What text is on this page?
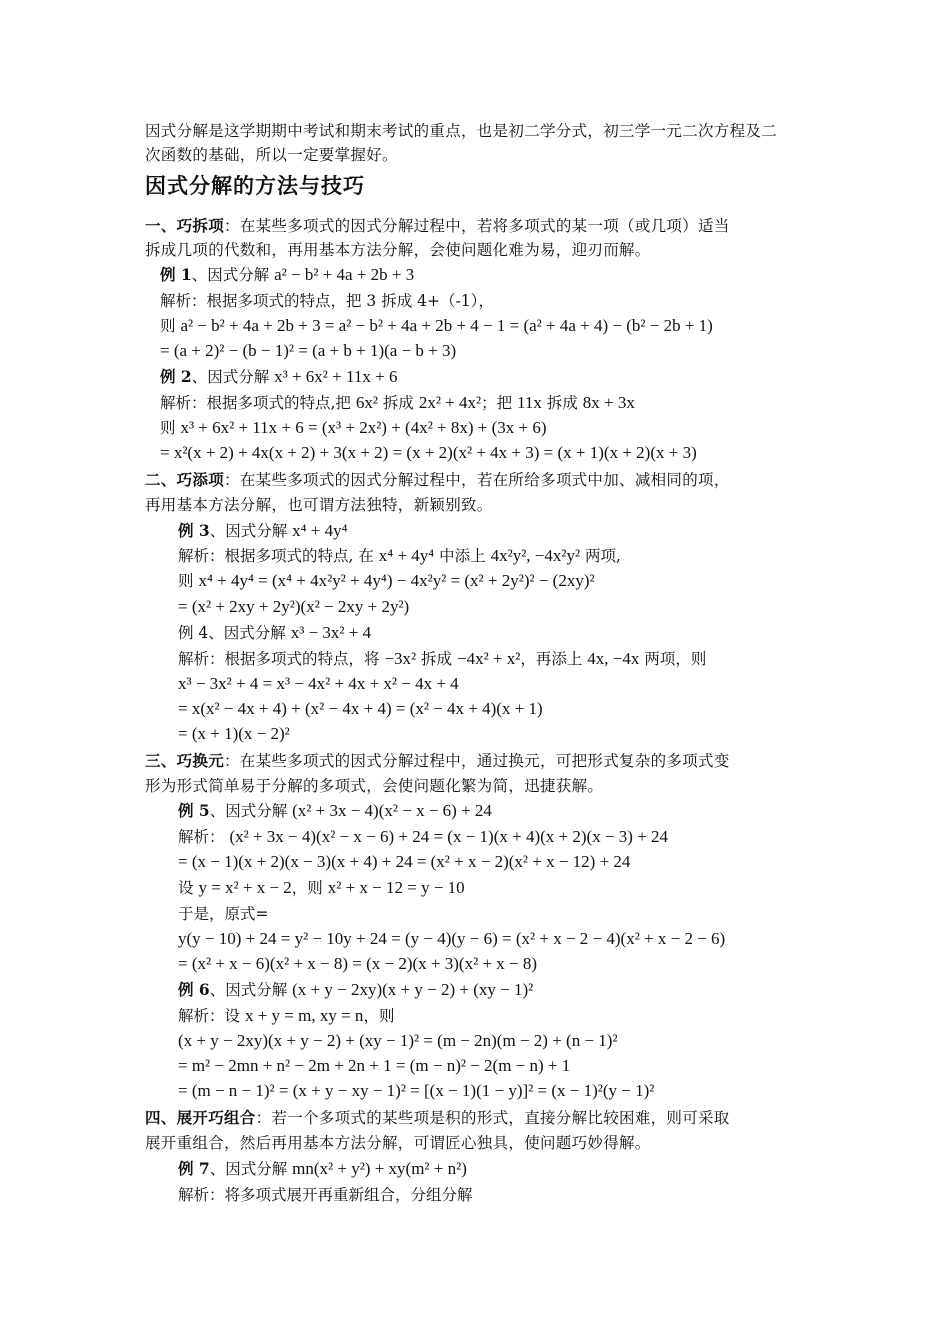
因式分解是这学期期中考试和期末考试的重点，也是初二学分式，初三学一元二次方程及二
次函数的基础，所以一定要掌握好。
因式分解的方法与技巧
一、巧拆项：在某些多项式的因式分解过程中，若将多项式的某一项（或几项）适当
拆成几项的代数和，再用基本方法分解，会使问题化难为易，迎刃而解。
例 1、因式分解 a² − b² + 4a + 2b + 3
解析：根据多项式的特点，把 3 拆成 4+（-1），
则 a² − b² + 4a + 2b + 3 = a² − b² + 4a + 2b + 4 − 1 = (a² + 4a + 4) − (b² − 2b + 1)
= (a + 2)² − (b − 1)² = (a + b + 1)(a − b + 3)
例 2、因式分解 x³ + 6x² + 11x + 6
解析：根据多项式的特点,把 6x² 拆成 2x² + 4x²；把 11x 拆成 8x + 3x
则 x³ + 6x² + 11x + 6 = (x³ + 2x²) + (4x² + 8x) + (3x + 6)
= x²(x + 2) + 4x(x + 2) + 3(x + 2) = (x + 2)(x² + 4x + 3) = (x + 1)(x + 2)(x + 3)
二、巧添项：在某些多项式的因式分解过程中，若在所给多项式中加、减相同的项，
再用基本方法分解，也可谓方法独特，新颖别致。
例 3、因式分解 x⁴ + 4y⁴
解析：根据多项式的特点, 在 x⁴ + 4y⁴ 中添上 4x²y², −4x²y² 两项,
则 x⁴ + 4y⁴ = (x⁴ + 4x²y² + 4y⁴) − 4x²y² = (x² + 2y²)² − (2xy)²
= (x² + 2xy + 2y²)(x² − 2xy + 2y²)
例 4、因式分解 x³ − 3x² + 4
解析：根据多项式的特点，将 −3x² 拆成 −4x² + x²，再添上 4x, −4x 两项，则
x³ − 3x² + 4 = x³ − 4x² + 4x + x² − 4x + 4
= x(x² − 4x + 4) + (x² − 4x + 4) = (x² − 4x + 4)(x + 1)
= (x + 1)(x − 2)²
三、巧换元：在某些多项式的因式分解过程中，通过换元，可把形式复杂的多项式变
形为形式简单易于分解的多项式，会使问题化繁为简，迅捷获解。
例 5、因式分解 (x² + 3x − 4)(x² − x − 6) + 24
解析： (x² + 3x − 4)(x² − x − 6) + 24 = (x − 1)(x + 4)(x + 2)(x − 3) + 24
= (x − 1)(x + 2)(x − 3)(x + 4) + 24 = (x² + x − 2)(x² + x − 12) + 24
设 y = x² + x − 2，则 x² + x − 12 = y − 10
于是，原式=
y(y − 10) + 24 = y² − 10y + 24 = (y − 4)(y − 6) = (x² + x − 2 − 4)(x² + x − 2 − 6)
= (x² + x − 6)(x² + x − 8) = (x − 2)(x + 3)(x² + x − 8)
例 6、因式分解 (x + y − 2xy)(x + y − 2) + (xy − 1)²
解析：设 x + y = m, xy = n，则
(x + y − 2xy)(x + y − 2) + (xy − 1)² = (m − 2n)(m − 2) + (n − 1)²
= m² − 2mn + n² − 2m + 2n + 1 = (m − n)² − 2(m − n) + 1
= (m − n − 1)² = (x + y − xy − 1)² = [(x − 1)(1 − y)]² = (x − 1)²(y − 1)²
四、展开巧组合：若一个多项式的某些项是积的形式，直接分解比较困难，则可采取
展开重组合，然后再用基本方法分解，可谓匠心独具，使问题巧妙得解。
例 7、因式分解 mn(x² + y²) + xy(m² + n²)
解析：将多项式展开再重新组合，分组分解
